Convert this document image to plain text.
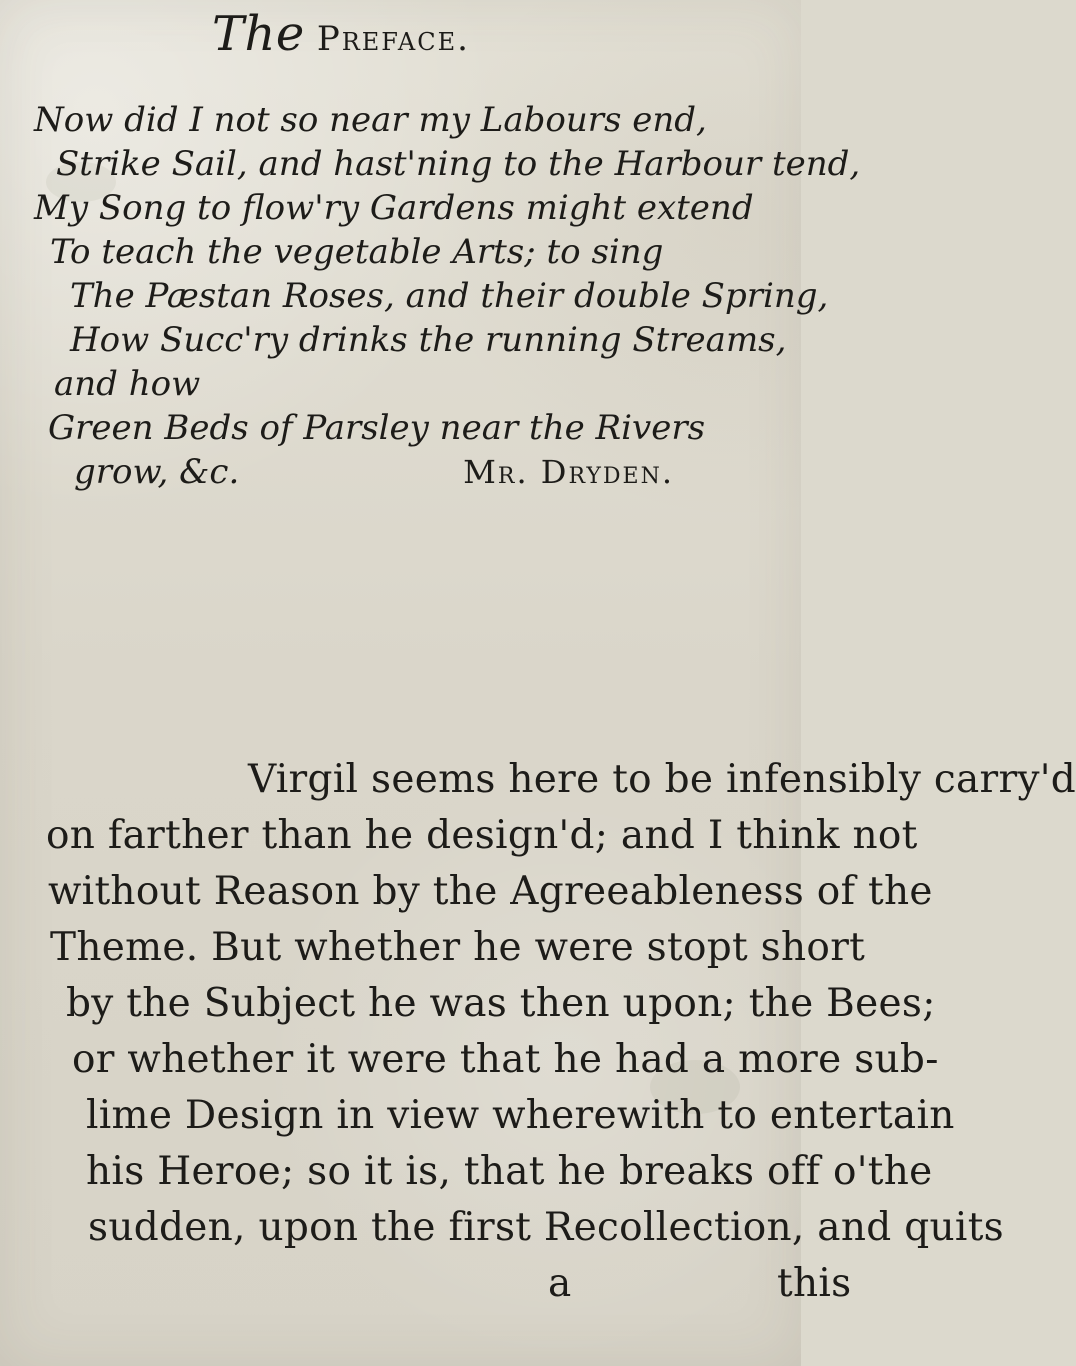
The Preface.
Now did I not so near my Labours end,
Strike Sail, and hast'ning to the Harbour tend,
My Song to flow'ry Gardens might extend
To teach the vegetable Arts; to sing
The Pæstan Roses, and their double Spring,
How Succ'ry drinks the running Streams,
and how
Green Beds of Parsley near the Rivers
grow, &c.	Mr. Dryden.
Virgil seems here to be infensibly carry'd
on farther than he design'd; and I think not
without Reason by the Agreeableness of the
Theme. But whether he were stopt short
by the Subject he was then upon; the Bees;
or whether it were that he had a more sub-
lime Design in view wherewith to entertain
his Heroe; so it is, that he breaks off o'the
sudden, upon the first Recollection, and quits
a	this
